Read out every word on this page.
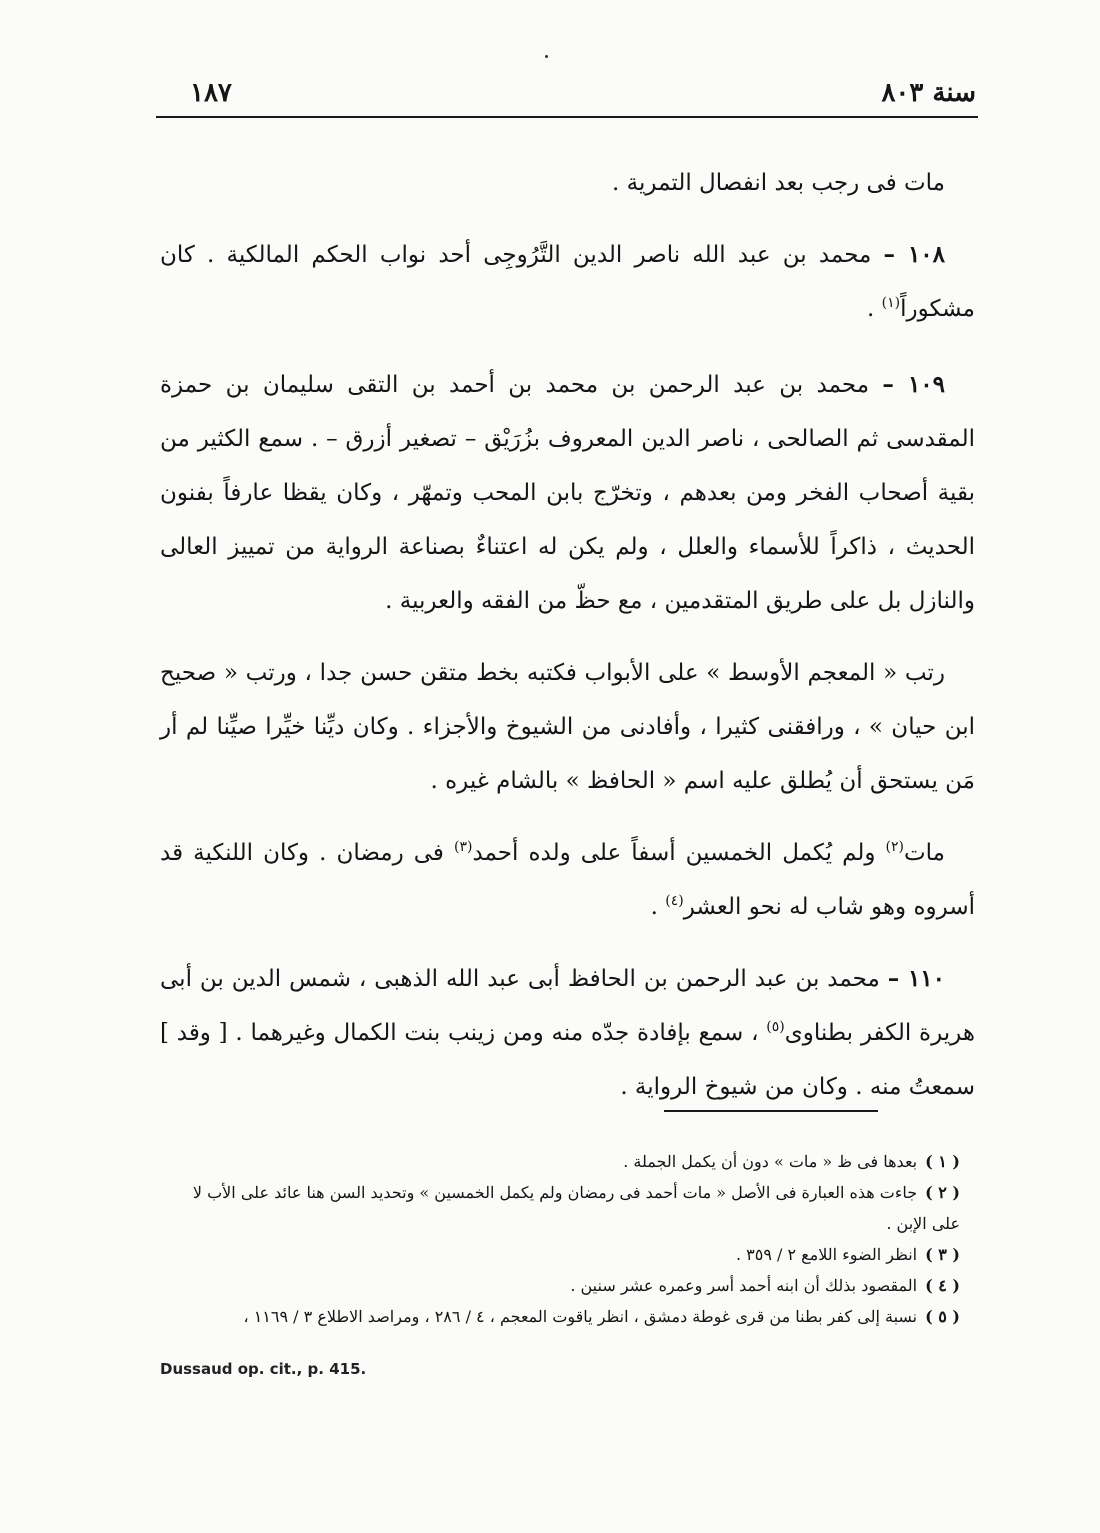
١٨٧	سنة ٨٠٣

مات فى رجب بعد انفصال التمرية .

١٠٨ – محمد بن عبد الله ناصر الدين التَّرُوجِى أحد نواب الحكم المالكية . كان مشكوراً$^{(١)}$ .

١٠٩ – محمد بن عبد الرحمن بن محمد بن أحمد بن التقى سليمان بن حمزة المقدسى ثم الصالحى ، ناصر الدين المعروف بزُرَيْق – تصغير أزرق – . سمع الكثير من بقية أصحاب الفخر ومن بعدهم ، وتخرّج بابن المحب وتمهّر ، وكان يقظا عارفاً بفنون الحديث ، ذاكراً للأسماء والعلل ، ولم يكن له اعتناءٌ بصناعة الرواية من تمييز العالى والنازل بل على طريق المتقدمين ، مع حظّ من الفقه والعربية .

رتب « المعجم الأوسط » على الأبواب فكتبه بخط متقن حسن جدا ، ورتب « صحيح ابن حيان » ، ورافقنى كثيرا ، وأفادنى من الشيوخ والأجزاء . وكان ديِّنا خيِّرا صيِّنا لم أر مَن يستحق أن يُطلق عليه اسم « الحافظ » بالشام غيره .

مات$^{(٢)}$ ولم يُكمل الخمسين أسفاً على ولده أحمد$^{(٣)}$ فى رمضان . وكان اللنكية قد أسروه وهو شاب له نحو العشر$^{(٤)}$ .

١١٠ – محمد بن عبد الرحمن بن الحافظ أبى عبد الله الذهبى ، شمس الدين بن أبى هريرة الكفر بطناوى$^{(٥)}$ ، سمع بإفادة جدّه منه ومن زينب بنت الكمال وغيرهما . [ وقد ] سمعتُ منه . وكان من شيوخ الرواية .

( ١ )بعدها فى ظ « مات » دون أن يكمل الجملة .

( ٢ )جاءت هذه العبارة فى الأصل « مات أحمد فى رمضان ولم يكمل الخمسين » وتحديد السن هنا عائد على الأب لا على الإبن .

( ٣ )انظر الضوء اللامع ٢ / ٣٥٩ .

( ٤ )المقصود بذلك أن ابنه أحمد أسر وعمره عشر سنين .

( ٥ )نسبة إلى كفر بطنا من قرى غوطة دمشق ، انظر ياقوت المعجم ، ٤ / ٢٨٦ ، ومراصد الاطلاع ٣ / ١١٦٩ ،

Dussaud op. cit., p. 415.
